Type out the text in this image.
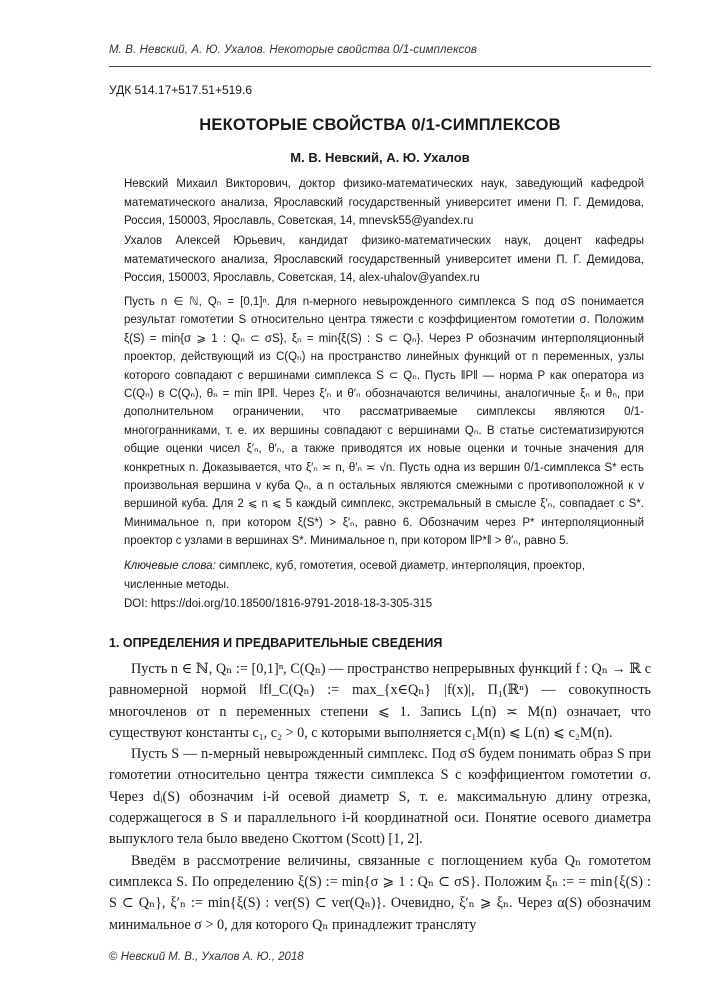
М. В. Невский, А. Ю. Ухалов. Некоторые свойства 0/1-симплексов
УДК 514.17+517.51+519.6
НЕКОТОРЫЕ СВОЙСТВА 0/1-СИМПЛЕКСОВ
М. В. Невский, А. Ю. Ухалов
Невский Михаил Викторович, доктор физико-математических наук, заведующий кафедрой математического анализа, Ярославский государственный университет имени П. Г. Демидова, Россия, 150003, Ярославль, Советская, 14, mnevsk55@yandex.ru
Ухалов Алексей Юрьевич, кандидат физико-математических наук, доцент кафедры математического анализа, Ярославский государственный университет имени П. Г. Демидова, Россия, 150003, Ярославль, Советская, 14, alex-uhalov@yandex.ru
Пусть n ∈ ℕ, Qₙ = [0,1]ⁿ. Для n-мерного невырожденного симплекса S под σS понимается результат гомотетии S относительно центра тяжести с коэффициентом гомотетии σ. Положим ξ(S) = min{σ ⩾ 1 : Qₙ ⊂ σS}, ξₙ = min{ξ(S) : S ⊂ Qₙ}. Через P обозначим интерполяционный проектор, действующий из C(Qₙ) на пространство линейных функций от n переменных, узлы которого совпадают с вершинами симплекса S ⊂ Qₙ. Пусть ‖P‖ — норма P как оператора из C(Qₙ) в C(Qₙ), θₙ = min ‖P‖. Через ξ′ₙ и θ′ₙ обозначаются величины, аналогичные ξₙ и θₙ, при дополнительном ограничении, что рассматриваемые симплексы являются 0/1-многогранниками, т. е. их вершины совпадают с вершинами Qₙ. В статье систематизируются общие оценки чисел ξ′ₙ, θ′ₙ, а также приводятся их новые оценки и точные значения для конкретных n. Доказывается, что ξ′ₙ ≍ n, θ′ₙ ≍ √n. Пусть одна из вершин 0/1-симплекса S* есть произвольная вершина v куба Qₙ, а n остальных являются смежными с противоположной к v вершиной куба. Для 2 ⩽ n ⩽ 5 каждый симплекс, экстремальный в смысле ξ′ₙ, совпадает с S*. Минимальное n, при котором ξ(S*) > ξ′ₙ, равно 6. Обозначим через P* интерполяционный проектор с узлами в вершинах S*. Минимальное n, при котором ‖P*‖ > θ′ₙ, равно 5.
Ключевые слова: симплекс, куб, гомотетия, осевой диаметр, интерполяция, проектор, численные методы.
DOI: https://doi.org/10.18500/1816-9791-2018-18-3-305-315
1. ОПРЕДЕЛЕНИЯ И ПРЕДВАРИТЕЛЬНЫЕ СВЕДЕНИЯ

Пусть n ∈ ℕ, Qₙ := [0,1]ⁿ, C(Qₙ) — пространство непрерывных функций f : Qₙ → ℝ с равномерной нормой ‖f‖_C(Qₙ) := max_{x∈Qₙ} |f(x)|, Π₁(ℝⁿ) — совокупность многочленов от n переменных степени ⩽ 1. Запись L(n) ≍ M(n) означает, что существуют константы c₁, c₂ > 0, с которыми выполняется c₁M(n) ⩽ L(n) ⩽ c₂M(n).

Пусть S — n-мерный невырожденный симплекс. Под σS будем понимать образ S при гомотетии относительно центра тяжести симплекса S с коэффициентом гомотетии σ. Через dᵢ(S) обозначим i-й осевой диаметр S, т. е. максимальную длину отрезка, содержащегося в S и параллельного i-й координатной оси. Понятие осевого диаметра выпуклого тела было введено Скоттом (Scott) [1, 2].

Введём в рассмотрение величины, связанные с поглощением куба Qₙ гомотетом симплекса S. По определению ξ(S) := min{σ ⩾ 1 : Qₙ ⊂ σS}. Положим ξₙ := = min{ξ(S) : S ⊂ Qₙ}, ξ′ₙ := min{ξ(S) : ver(S) ⊂ ver(Qₙ)}. Очевидно, ξ′ₙ ⩾ ξₙ. Через α(S) обозначим минимальное σ > 0, для которого Qₙ принадлежит трансляту

© Невский М. В., Ухалов А. Ю., 2018
